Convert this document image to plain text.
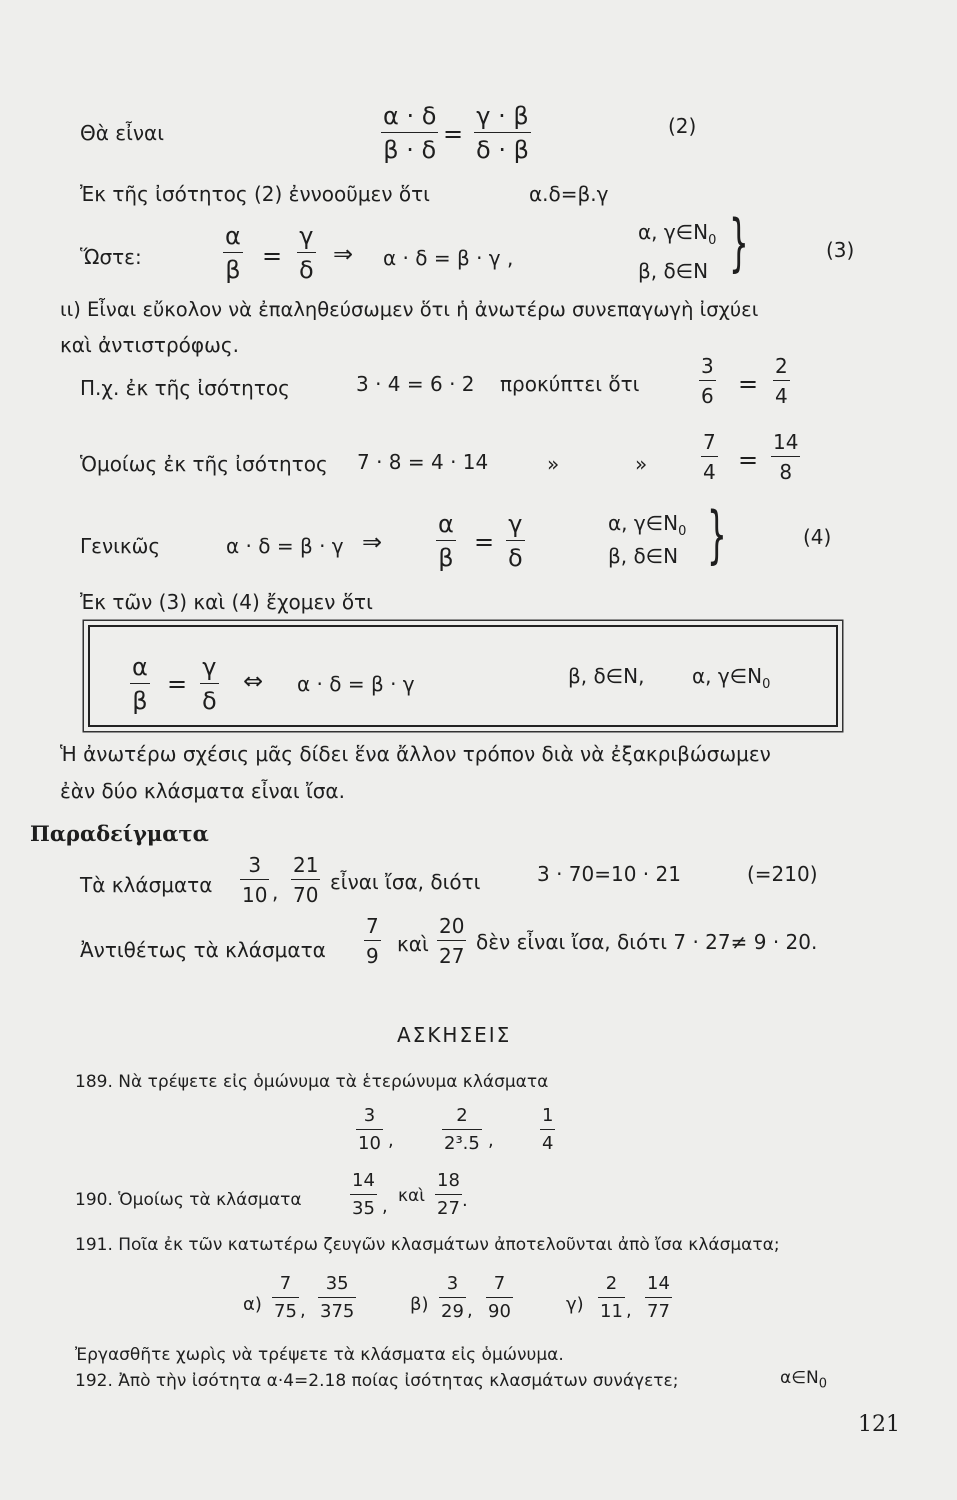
Θὰ εἶναι
α · δ
β · δ
=
γ · β
δ · β
(2)
Ἐκ τῆς ἰσότητος (2) ἐννοοῦμεν ὅτι	α.δ=β.γ
Ὥστε:
α
β =
γ
δ
⇒ α · δ = β · γ ,
α, $\gamma\in N_0$
β, δ∈N }	(3)
ιι) Εἶναι εὔκολον νὰ ἐπαληθεύσωμεν ὅτι ἡ ἀνωτέρω συνεπαγωγὴ ἰσχύει
καὶ ἀντιστρόφως.
Π.χ. ἐκ τῆς ἰσότητος	3 · 4 = 6 · 2 προκύπτει ὅτι
3
6 =
2
4
Ὁμοίως ἐκ τῆς ἰσότητος 7 · 8 = 4 · 14	»	»
7
4 =
14
8
Γενικῶς	α · δ = β · γ ⇒
α
β
=
γ
δ
α, $\gamma\in N_0$
β, δ∈N }	(4)
Ἐκ τῶν (3) καὶ (4) ἔχομεν ὅτι
α
β
=
γ
δ
⇔ α · δ = β · γ	β, δ∈N, α, $\gamma\in N_0$
Ἡ ἀνωτέρω σχέσις μᾶς δίδει ἕνα ἄλλον τρόπον διὰ νὰ ἐξακριβώσωμεν
ἐὰν δύο κλάσματα εἶναι ἴσα.
Παραδείγματα
Τὰ κλάσματα
3
10 ,
21
70
εἶναι ἴσα, διότι	3 · 70=10 · 21	(=210)
Ἀντιθέτως τὰ κλάσματα
7
9 καὶ
20
27
δὲν εἶναι ἴσα, διότι 7 · 27≠ 9 · 20.
ΑΣΚΗΣΕΙΣ
189. Νὰ τρέψετε εἰς ὁμώνυμα τὰ ἑτερώνυμα κλάσματα
3
10 ,
2
2³.5 ,
1
4
190. Ὁμοίως τὰ κλάσματα
14
35 , καὶ
18
27 .
191. Ποῖα ἐκ τῶν κατωτέρω ζευγῶν κλασμάτων ἀποτελοῦνται ἀπὸ ἴσα κλάσματα;
α)
7
75 ,
35
375	β)
3
29 ,
7
90	γ)
2
11 ,
14
77
Ἐργασθῆτε χωρὶς νὰ τρέψετε τὰ κλάσματα εἰς ὁμώνυμα.
192. Ἀπὸ τὴν ἰσότητα α·4=2.18 ποίας ἰσότητας κλασμάτων συνάγετε;	$\alpha\in N_0$
121
